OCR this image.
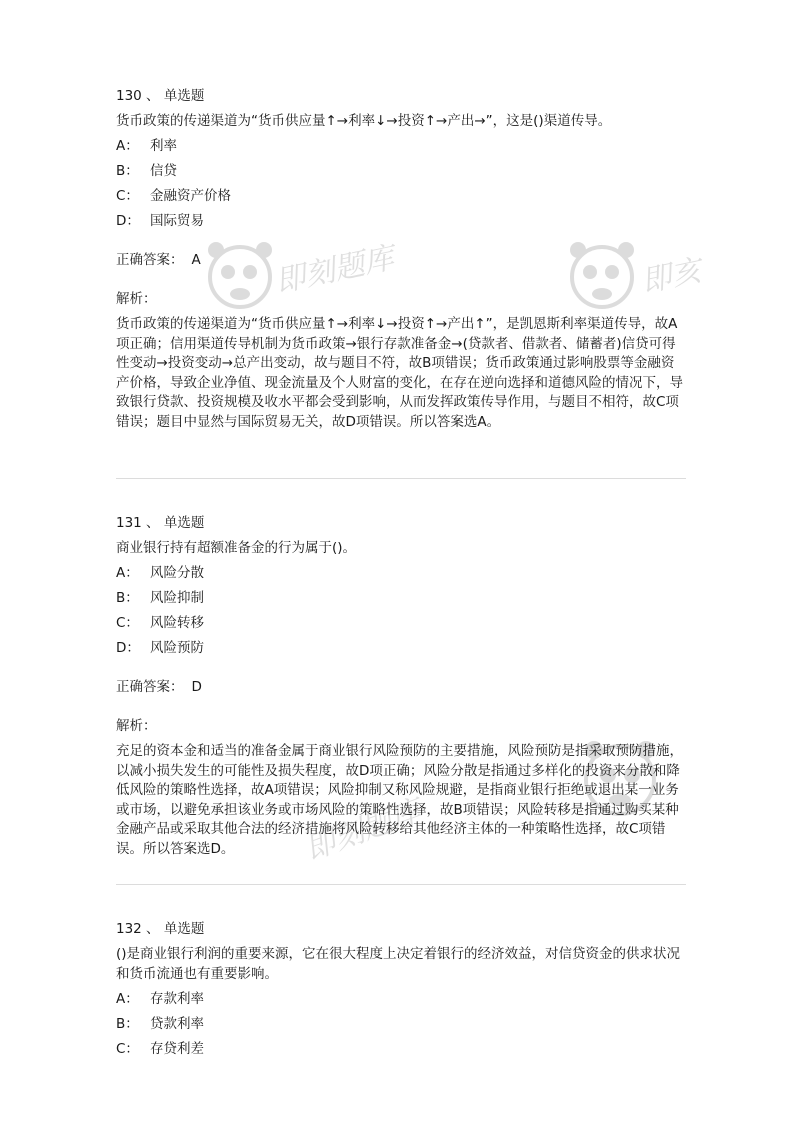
即刻题库	即亥
即刻题库
130 、 单选题
货币政策的传递渠道为“货币供应量↑→利率↓→投资↑→产出→”，这是()渠道传导。
A： 利率
B： 信贷
C： 金融资产价格
D： 国际贸易
正确答案： A
解析：
货币政策的传递渠道为“货币供应量↑→利率↓→投资↑→产出↑”，是凯恩斯利率渠道传导，故A项正确；信用渠道传导机制为货币政策→银行存款准备金→(贷款者、借款者、储蓄者)信贷可得性变动→投资变动→总产出变动，故与题目不符，故B项错误；货币政策通过影响股票等金融资产价格，导致企业净值、现金流量及个人财富的变化，在存在逆向选择和道德风险的情况下，导致银行贷款、投资规模及收水平都会受到影响，从而发挥政策传导作用，与题目不相符，故C项错误；题目中显然与国际贸易无关，故D项错误。所以答案选A。
131 、 单选题
商业银行持有超额准备金的行为属于()。
A： 风险分散
B： 风险抑制
C： 风险转移
D： 风险预防
正确答案： D
解析：
充足的资本金和适当的准备金属于商业银行风险预防的主要措施，风险预防是指采取预防措施，以减小损失发生的可能性及损失程度，故D项正确；风险分散是指通过多样化的投资来分散和降低风险的策略性选择，故A项错误；风险抑制又称风险规避，是指商业银行拒绝或退出某一业务或市场，以避免承担该业务或市场风险的策略性选择，故B项错误；风险转移是指通过购买某种金融产品或采取其他合法的经济措施将风险转移给其他经济主体的一种策略性选择，故C项错误。所以答案选D。
132 、 单选题
()是商业银行利润的重要来源，它在很大程度上决定着银行的经济效益，对信贷资金的供求状况和货币流通也有重要影响。
A： 存款利率
B： 贷款利率
C： 存贷利差
